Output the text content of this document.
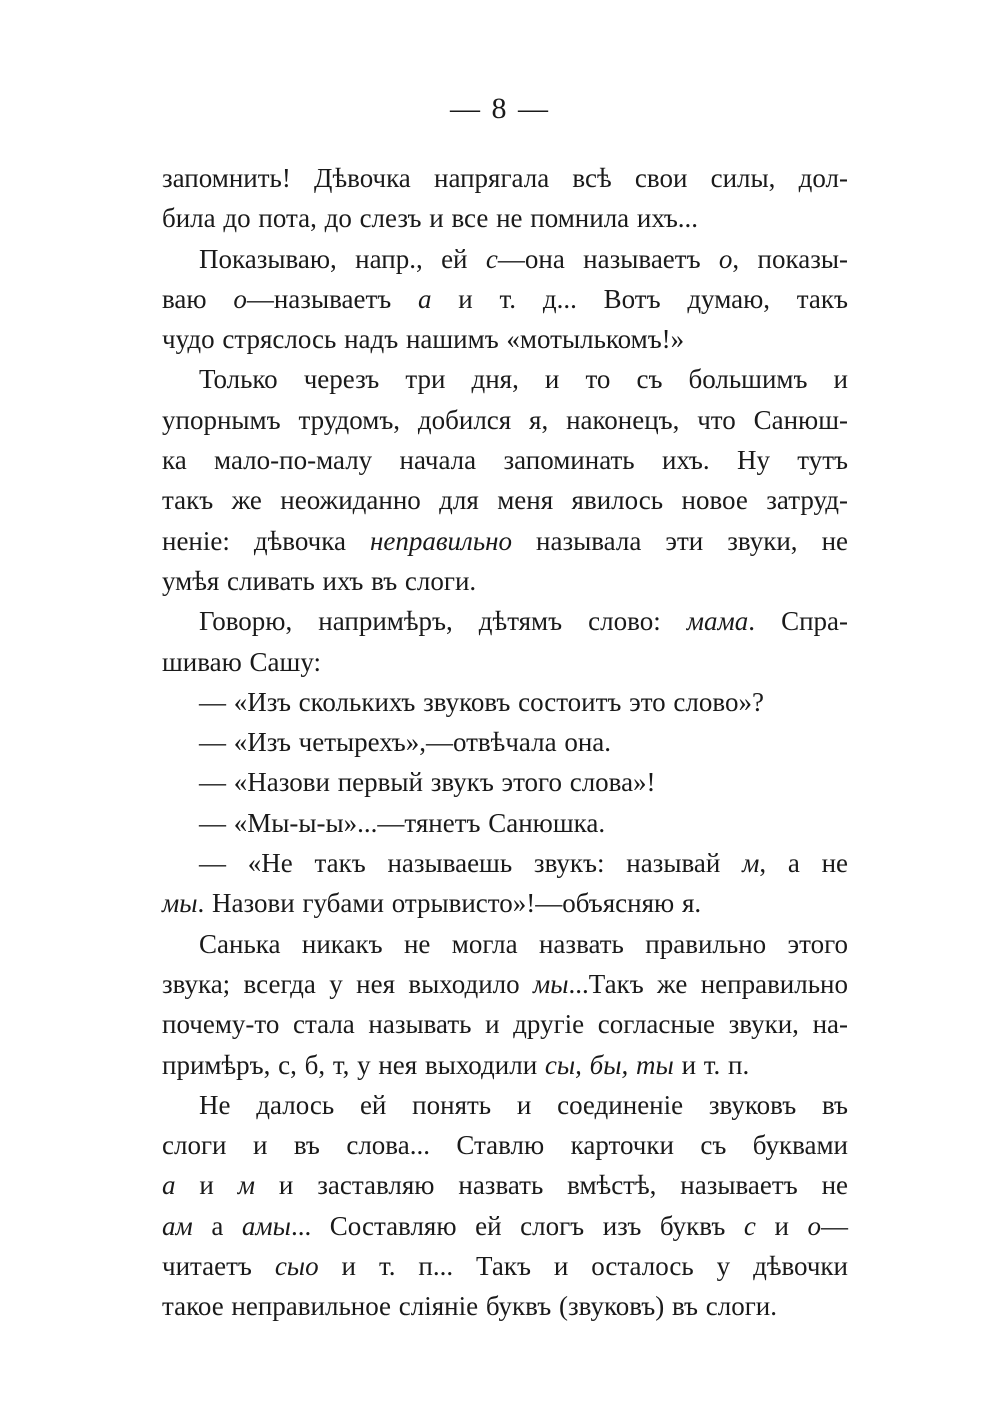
— 8 —
запомнить! Дѣвочка напрягала всѣ свои силы, дол-
била до пота, до слезъ и все не помнила ихъ...
Показываю, напр., ей с—она называетъ о, показы-
ваю о—называетъ а и т. д... Вотъ думаю, такъ
чудо стряслось надъ нашимъ «мотылькомъ!»
Только черезъ три дня, и то съ большимъ и
упорнымъ трудомъ, добился я, наконецъ, что Санюш-
ка мало-по-малу начала запоминать ихъ. Ну тутъ
такъ же неожиданно для меня явилось новое затруд-
ненiе: дѣвочка неправильно называла эти звуки, не
умѣя сливать ихъ въ слоги.
Говорю, напримѣръ, дѣтямъ слово: мама. Спра-
шиваю Сашу:
— «Изъ сколькихъ звуковъ состоитъ это слово»?
— «Изъ четырехъ»,—отвѣчала она.
— «Назови первый звукъ этого слова»!
— «Мы-ы-ы»...—тянетъ Санюшка.
— «Не такъ называешь звукъ: называй м, а не
мы. Назови губами отрывисто»!—объясняю я.
Санька никакъ не могла назвать правильно этого
звука; всегда у нея выходило мы...Такъ же неправильно
почему-то стала называть и другiе согласные звуки, на-
примѣръ, с, б, т, у нея выходили сы, бы, ты и т. п.
Не далось ей понять и соединенiе звуковъ въ
слоги и въ слова... Ставлю карточки съ буквами
а и м и заставляю назвать вмѣстѣ, называетъ не
ам а амы... Составляю ей слогъ изъ буквъ с и о—
читаетъ сыо и т. п... Такъ и осталось у дѣвочки
такое неправильное слiянiе буквъ (звуковъ) въ слоги.
